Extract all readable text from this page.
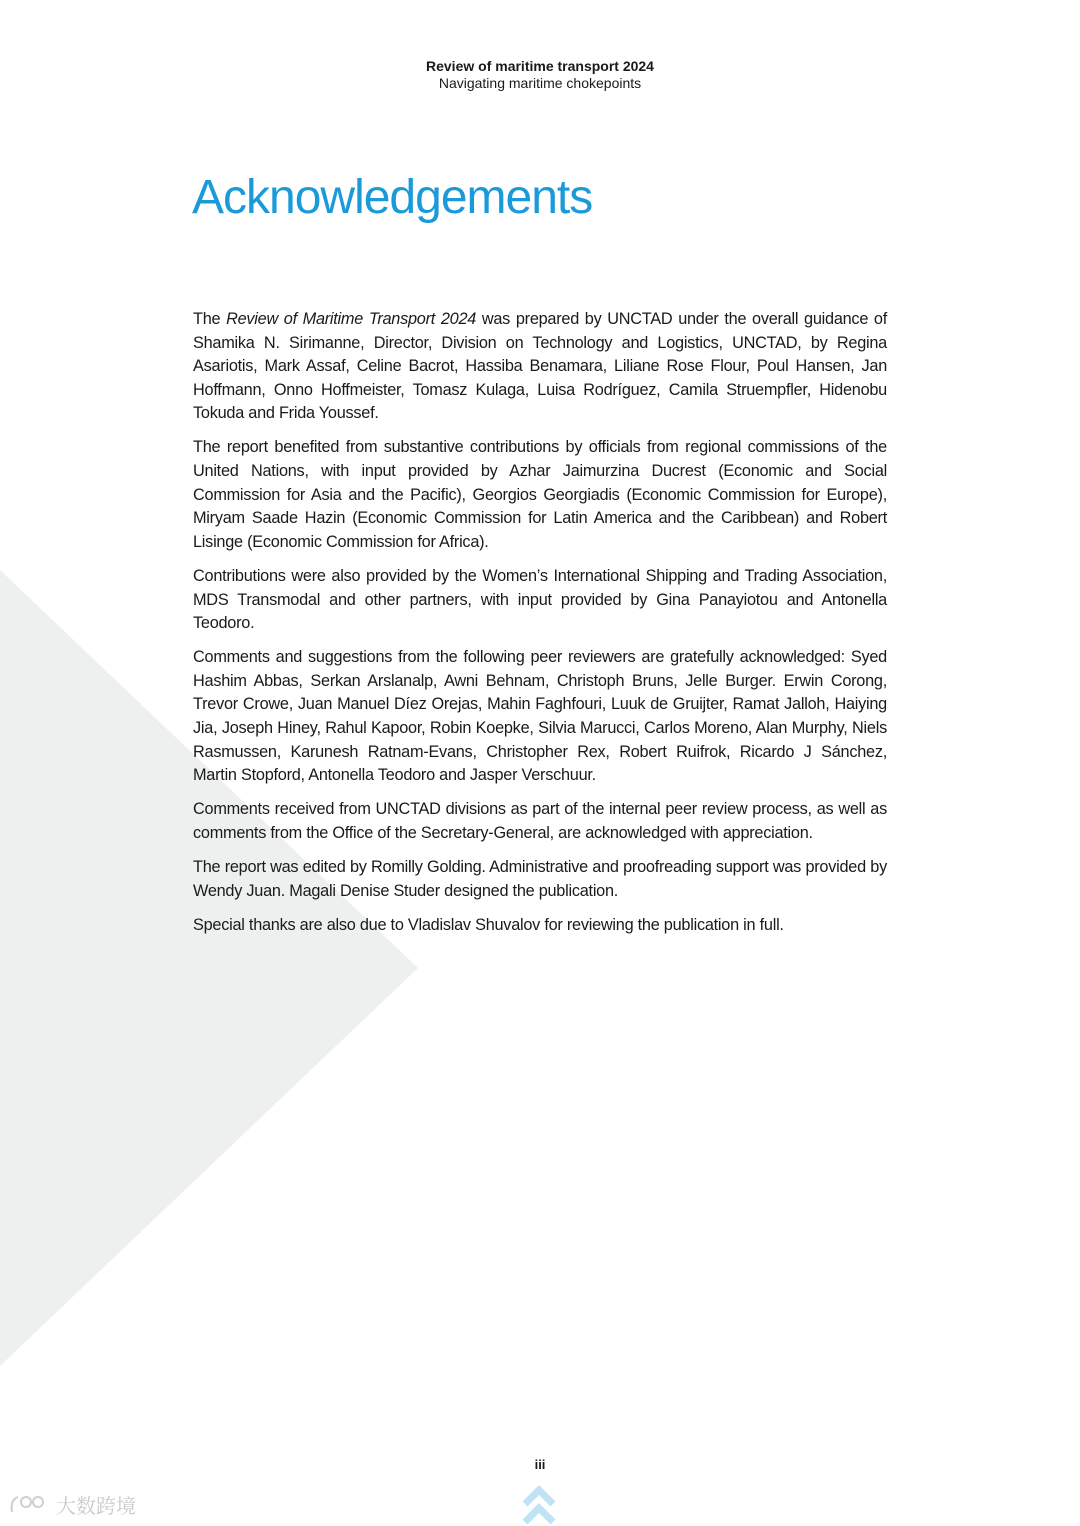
Review of maritime transport 2024
Navigating maritime chokepoints
Acknowledgements

The Review of Maritime Transport 2024 was prepared by UNCTAD under the overall guidance of Shamika N. Sirimanne, Director, Division on Technology and Logistics, UNCTAD, by Regina Asariotis, Mark Assaf, Celine Bacrot, Hassiba Benamara, Liliane Rose Flour, Poul Hansen, Jan Hoffmann, Onno Hoffmeister, Tomasz Kulaga, Luisa Rodríguez, Camila Struempfler, Hidenobu Tokuda and Frida Youssef.

The report benefited from substantive contributions by officials from regional commissions of the United Nations, with input provided by Azhar Jaimurzina Ducrest (Economic and Social Commission for Asia and the Pacific), Georgios Georgiadis (Economic Commission for Europe), Miryam Saade Hazin (Economic Commission for Latin America and the Caribbean) and Robert Lisinge (Economic Commission for Africa).

Contributions were also provided by the Women’s International Shipping and Trading Association, MDS Transmodal and other partners, with input provided by Gina Panayiotou and Antonella Teodoro.

Comments and suggestions from the following peer reviewers are gratefully acknowledged: Syed Hashim Abbas, Serkan Arslanalp, Awni Behnam, Christoph Bruns, Jelle Burger. Erwin Corong, Trevor Crowe, Juan Manuel Díez Orejas, Mahin Faghfouri, Luuk de Gruijter, Ramat Jalloh, Haiying Jia, Joseph Hiney, Rahul Kapoor, Robin Koepke, Silvia Marucci, Carlos Moreno, Alan Murphy, Niels Rasmussen, Karunesh Ratnam-Evans, Christopher Rex, Robert Ruifrok, Ricardo J Sánchez, Martin Stopford, Antonella Teodoro and Jasper Verschuur.

Comments received from UNCTAD divisions as part of the internal peer review process, as well as comments from the Office of the Secretary-General, are acknowledged with appreciation.

The report was edited by Romilly Golding. Administrative and proofreading support was provided by Wendy Juan. Magali Denise Studer designed the publication.

Special thanks are also due to Vladislav Shuvalov for reviewing the publication in full.

iii
大数跨境
